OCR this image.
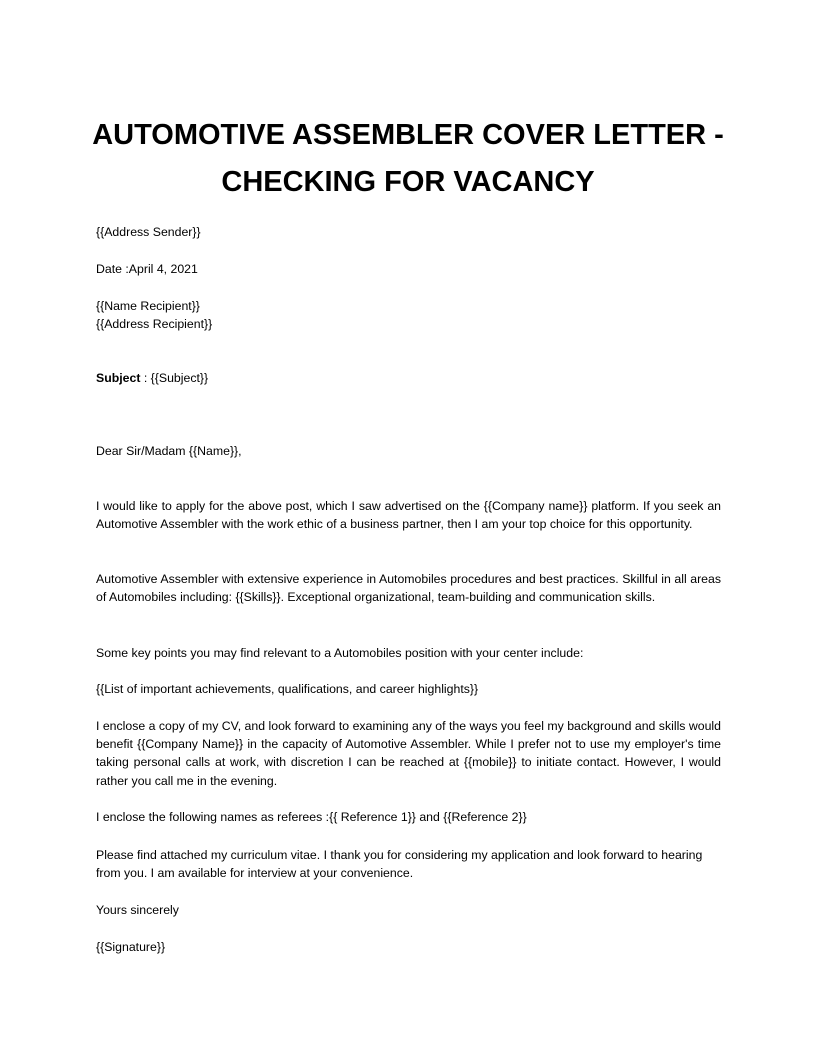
AUTOMOTIVE ASSEMBLER COVER LETTER -
CHECKING FOR VACANCY

{{Address Sender}}

Date :April 4, 2021

{{Name Recipient}}

{{Address Recipient}}

Subject : {{Subject}}

Dear Sir/Madam {{Name}},

I would like to apply for the above post, which I saw advertised on the {{Company name}} platform. If you seek an Automotive Assembler with the work ethic of a business partner, then I am your top choice for this opportunity.

Automotive Assembler with extensive experience in Automobiles procedures and best practices. Skillful in all areas of Automobiles including: {{Skills}}. Exceptional organizational, team-building and communication skills.

Some key points you may find relevant to a Automobiles position with your center include:

{{List of important achievements, qualifications, and career highlights}}

I enclose a copy of my CV, and look forward to examining any of the ways you feel my background and skills would benefit {{Company Name}} in the capacity of Automotive Assembler. While I prefer not to use my employer's time taking personal calls at work, with discretion I can be reached at {{mobile}} to initiate contact. However, I would rather you call me in the evening.

I enclose the following names as referees :{{ Reference 1}} and {{Reference 2}}

Please find attached my curriculum vitae. I thank you for considering my application and look forward to hearing from you. I am available for interview at your convenience.

Yours sincerely

{{Signature}}
